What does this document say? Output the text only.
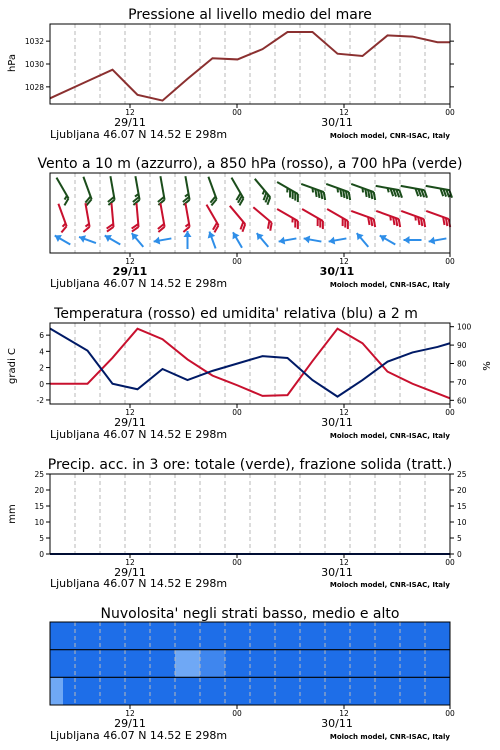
Pressione al livello medio del mare
hPa
1028
1030
1032
12	00	12	00
29/11	30/11
Ljubljana 46.07 N 14.52 E 298m	Moloch model, CNR-ISAC, Italy
Vento a 10 m (azzurro), a 850 hPa (rosso), a 700 hPa (verde)
12	00	12	00
29/11	30/11
Ljubljana 46.07 N 14.52 E 298m	Moloch model, CNR-ISAC, Italy
Temperatura (rosso) ed umidita' relativa (blu) a 2 m
gradi C	%
-2
0
2
4
6
60
70
80
90
100
12	00	12	00
29/11	30/11
Ljubljana 46.07 N 14.52 E 298m	Moloch model, CNR-ISAC, Italy
Precip. acc. in 3 ore: totale (verde), frazione solida (tratt.)
mm
0	0
5	5
10	10
15	15
20	20
25	25
12	00	12	00
29/11	30/11
Ljubljana 46.07 N 14.52 E 298m	Moloch model, CNR-ISAC, Italy
Nuvolosita' negli strati basso, medio e alto
12	00	12	00
29/11	30/11
Ljubljana 46.07 N 14.52 E 298m	Moloch model, CNR-ISAC, Italy
